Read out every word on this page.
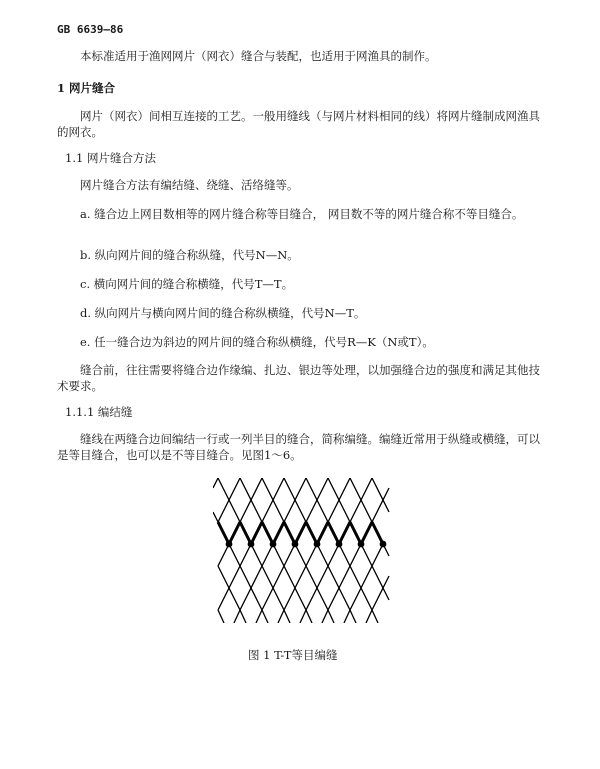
GB 6639—86
本标准适用于渔网网片（网衣）缝合与装配，也适用于网渔具的制作。
1 网片缝合
网片（网衣）间相互连接的工艺。一般用缝线（与网片材料相同的线）将网片缝制成网渔具的网衣。
1.1 网片缝合方法
网片缝合方法有编结缝、绕缝、活络缝等。
a. 缝合边上网目数相等的网片缝合称等目缝合， 网目数不等的网片缝合称不等目缝合。
b. 纵向网片间的缝合称纵缝，代号N—N。
c. 横向网片间的缝合称横缝，代号T—T。
d. 纵向网片与横向网片间的缝合称纵横缝，代号N—T。
e. 任一缝合边为斜边的网片间的缝合称纵横缝，代号R—K（N或T）。
缝合前，往往需要将缝合边作缘编、扎边、银边等处理，以加强缝合边的强度和满足其他技术要求。
1.1.1 编结缝
缝线在两缝合边间编结一行或一列半目的缝合，简称编缝。编缝近常用于纵缝或横缝，可以是等目缝合，也可以是不等目缝合。见图1～6。
图 1 T-T等目编缝
